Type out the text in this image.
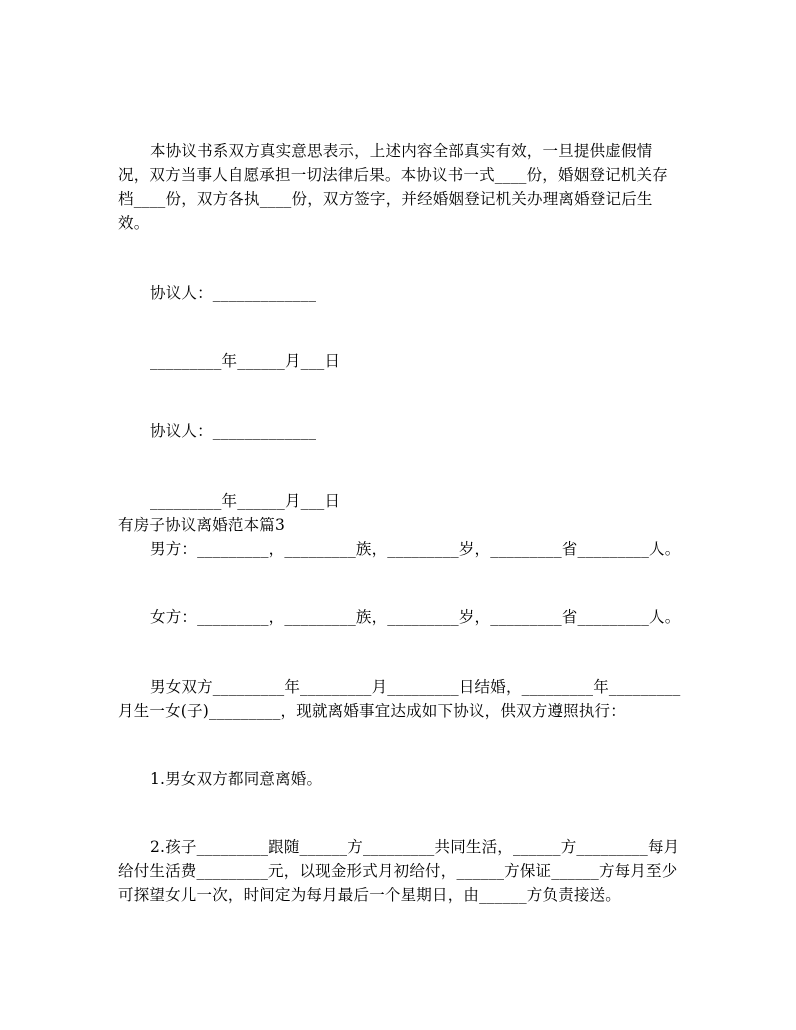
本协议书系双方真实意思表示，上述内容全部真实有效，一旦提供虚假情
况，双方当事人自愿承担一切法律后果。本协议书一式____份，婚姻登记机关存
档____份，双方各执____份，双方签字，并经婚姻登记机关办理离婚登记后生
效。
协议人：_____________
_________年______月___日
协议人：_____________
_________年______月___日
有房子协议离婚范本篇3
男方：_________，_________族，_________岁，_________省_________人。
女方：_________，_________族，_________岁，_________省_________人。
男女双方_________年_________月_________日结婚，_________年_________
月生一女(子)_________，现就离婚事宜达成如下协议，供双方遵照执行：
1.男女双方都同意离婚。
2.孩子_________跟随______方_________共同生活，______方_________每月
给付生活费_________元，以现金形式月初给付，______方保证______方每月至少
可探望女儿一次，时间定为每月最后一个星期日，由______方负责接送。
